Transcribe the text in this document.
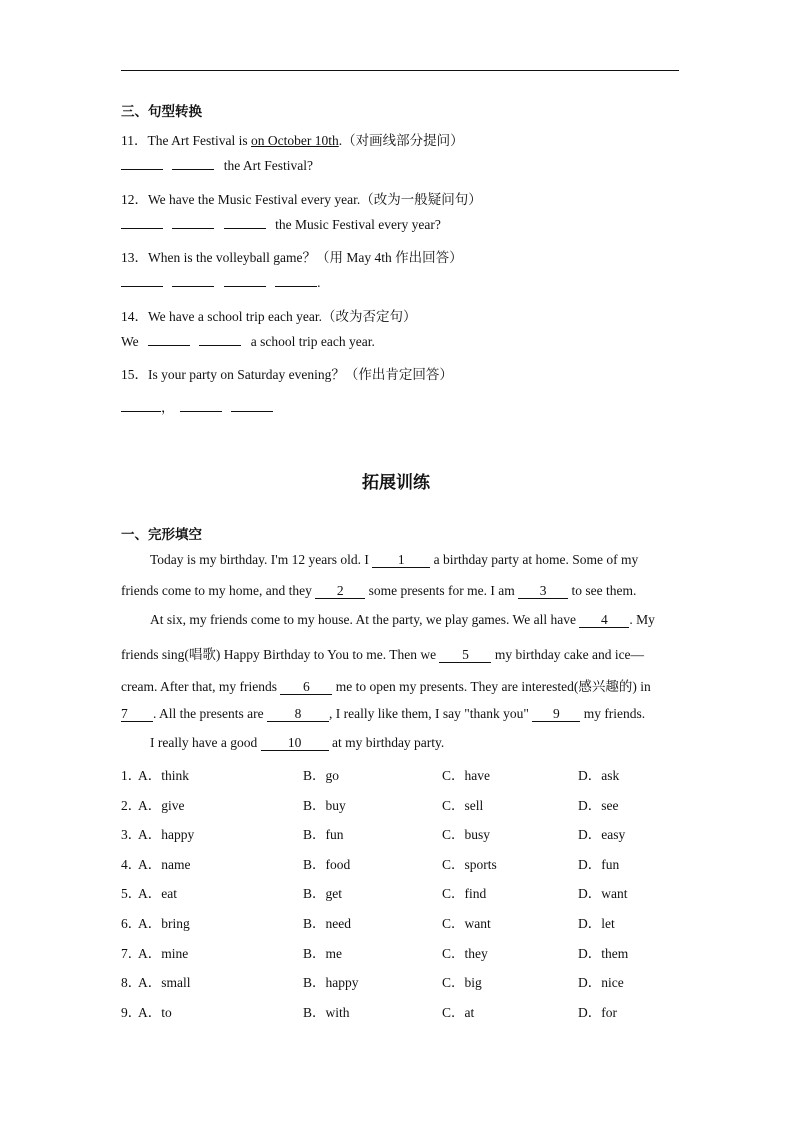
三、句型转换
11．The Art Festival is on October 10th.（对画线部分提问）
the Art Festival?
12．We have the Music Festival every year.（改为一般疑问句）
the Music Festival every year?
13．When is the volleyball game？（用 May 4th 作出回答）
.
14．We have a school trip each year.（改为否定句）
We	a school trip each year.
15．Is your party on Saturday evening？（作出肯定回答）
，
拓展训练
一、完形填空
Today is my birthday. I'm 12 years old. I 1 a birthday party at home. Some of my
friends come to my home, and they 2 some presents for me. I am 3 to see them.
At six, my friends come to my house. At the party, we play games. We all have 4 . My
friends sing(唱歌) Happy Birthday to You to me. Then we 5 my birthday cake and ice—
cream. After that, my friends 6 me to open my presents. They are interested(感兴趣的) in
7 . All the presents are 8 , I really like them, I say "thank you" 9 my friends.
I really have a good 10 at my birthday party.
1．
A．think	B．go	C．have	D．ask
2．
A．give	B．buy	C．sell	D．see
3．
A．happy	B．fun	C．busy	D．easy
4．
A．name	B．food	C．sports	D．fun
5．
A．eat	B．get	C．find	D．want
6．
A．bring	B．need	C．want	D．let
7．
A．mine	B．me	C．they	D．them
8．
A．small	B．happy	C．big	D．nice
9．
A．to	B．with	C．at	D．for
